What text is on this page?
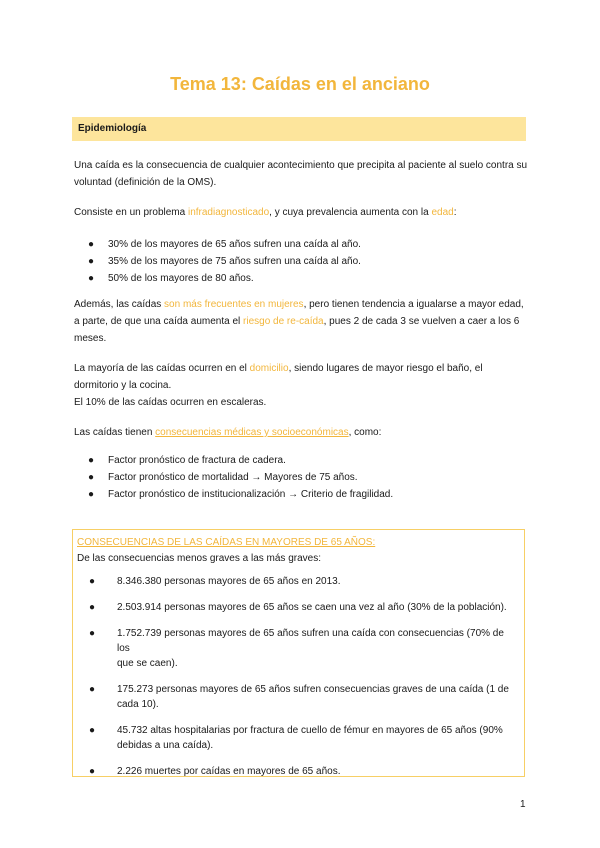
Tema 13: Caídas en el anciano
Epidemiología

Una caída es la consecuencia de cualquier acontecimiento que precipita al paciente al suelo contra su
voluntad (definición de la OMS).

Consiste en un problema infradiagnosticado, y cuya prevalencia aumenta con la edad:

● 30% de los mayores de 65 años sufren una caída al año.
● 35% de los mayores de 75 años sufren una caída al año.
● 50% de los mayores de 80 años.

Además, las caídas son más frecuentes en mujeres, pero tienen tendencia a igualarse a mayor edad,
a parte, de que una caída aumenta el riesgo de re-caída, pues 2 de cada 3 se vuelven a caer a los 6
meses.

La mayoría de las caídas ocurren en el domicilio, siendo lugares de mayor riesgo el baño, el
dormitorio y la cocina.
El 10% de las caídas ocurren en escaleras.

Las caídas tienen consecuencias médicas y socioeconómicas, como:

● Factor pronóstico de fractura de cadera.
● Factor pronóstico de mortalidad → Mayores de 75 años.
● Factor pronóstico de institucionalización → Criterio de fragilidad.
CONSECUENCIAS DE LAS CAÍDAS EN MAYORES DE 65 AÑOS:
De las consecuencias menos graves a las más graves:
● 8.346.380 personas mayores de 65 años en 2013.
● 2.503.914 personas mayores de 65 años se caen una vez al año (30% de la población).
● 1.752.739 personas mayores de 65 años sufren una caída con consecuencias (70% de los
que se caen).
● 175.273 personas mayores de 65 años sufren consecuencias graves de una caída (1 de
cada 10).
● 45.732 altas hospitalarias por fractura de cuello de fémur en mayores de 65 años (90%
debidas a una caída).
● 2.226 muertes por caídas en mayores de 65 años.
1
